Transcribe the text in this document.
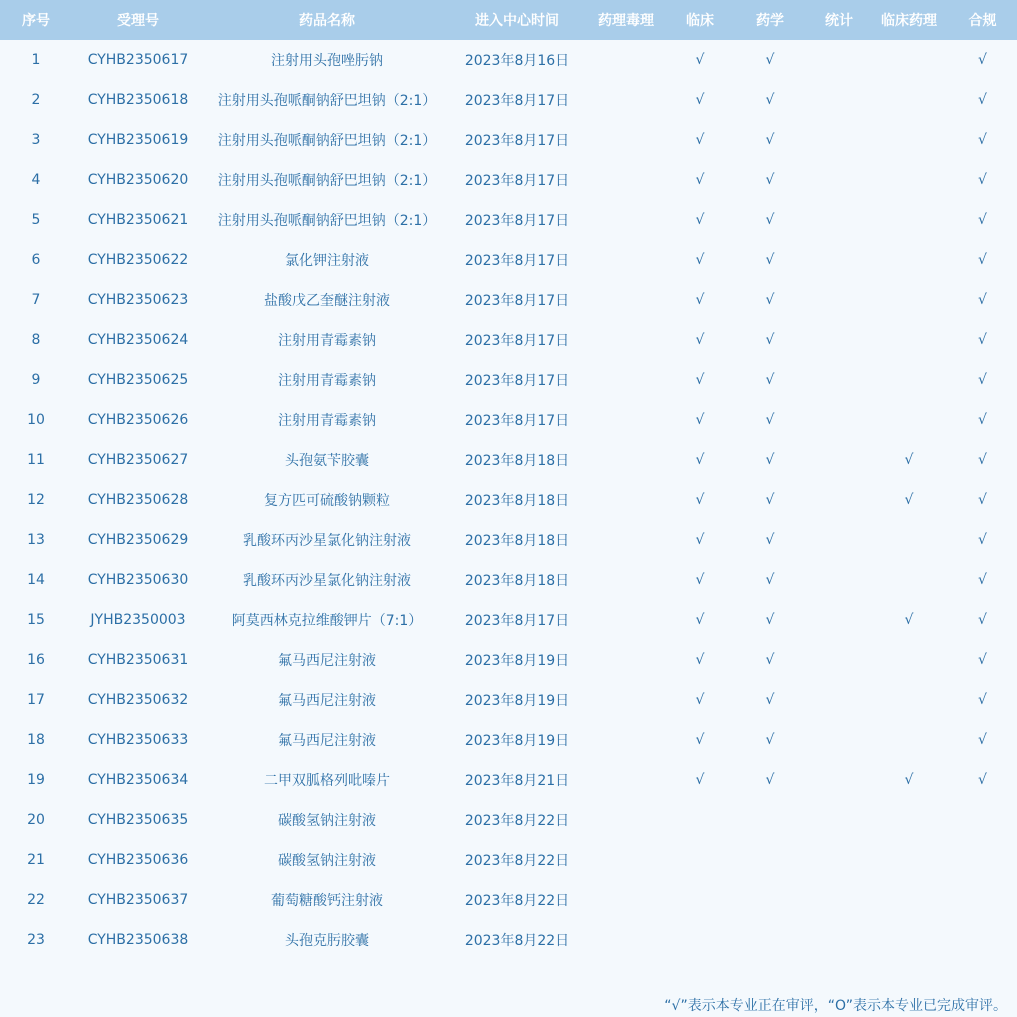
序号	受理号	药品名称	进入中心时间	药理毒理	临床	药学	统计	临床药理	合规
1	CYHB2350617	注射用头孢唑肟钠	2023年8月16日		√	√			√
2	CYHB2350618	注射用头孢哌酮钠舒巴坦钠（2:1）	2023年8月17日		√	√			√
3	CYHB2350619	注射用头孢哌酮钠舒巴坦钠（2:1）	2023年8月17日		√	√			√
4	CYHB2350620	注射用头孢哌酮钠舒巴坦钠（2:1）	2023年8月17日		√	√			√
5	CYHB2350621	注射用头孢哌酮钠舒巴坦钠（2:1）	2023年8月17日		√	√			√
6	CYHB2350622	氯化钾注射液	2023年8月17日		√	√			√
7	CYHB2350623	盐酸戊乙奎醚注射液	2023年8月17日		√	√			√
8	CYHB2350624	注射用青霉素钠	2023年8月17日		√	√			√
9	CYHB2350625	注射用青霉素钠	2023年8月17日		√	√			√
10	CYHB2350626	注射用青霉素钠	2023年8月17日		√	√			√
11	CYHB2350627	头孢氨苄胶囊	2023年8月18日		√	√		√	√
12	CYHB2350628	复方匹可硫酸钠颗粒	2023年8月18日		√	√		√	√
13	CYHB2350629	乳酸环丙沙星氯化钠注射液	2023年8月18日		√	√			√
14	CYHB2350630	乳酸环丙沙星氯化钠注射液	2023年8月18日		√	√			√
15	JYHB2350003	阿莫西林克拉维酸钾片（7:1）	2023年8月17日		√	√		√	√
16	CYHB2350631	氟马西尼注射液	2023年8月19日		√	√			√
17	CYHB2350632	氟马西尼注射液	2023年8月19日		√	√			√
18	CYHB2350633	氟马西尼注射液	2023年8月19日		√	√			√
19	CYHB2350634	二甲双胍格列吡嗪片	2023年8月21日		√	√		√	√
20	CYHB2350635	碳酸氢钠注射液	2023年8月22日						
21	CYHB2350636	碳酸氢钠注射液	2023年8月22日						
22	CYHB2350637	葡萄糖酸钙注射液	2023年8月22日						
23	CYHB2350638	头孢克肟胶囊	2023年8月22日						
“√”表示本专业正在审评，“O”表示本专业已完成审评。
